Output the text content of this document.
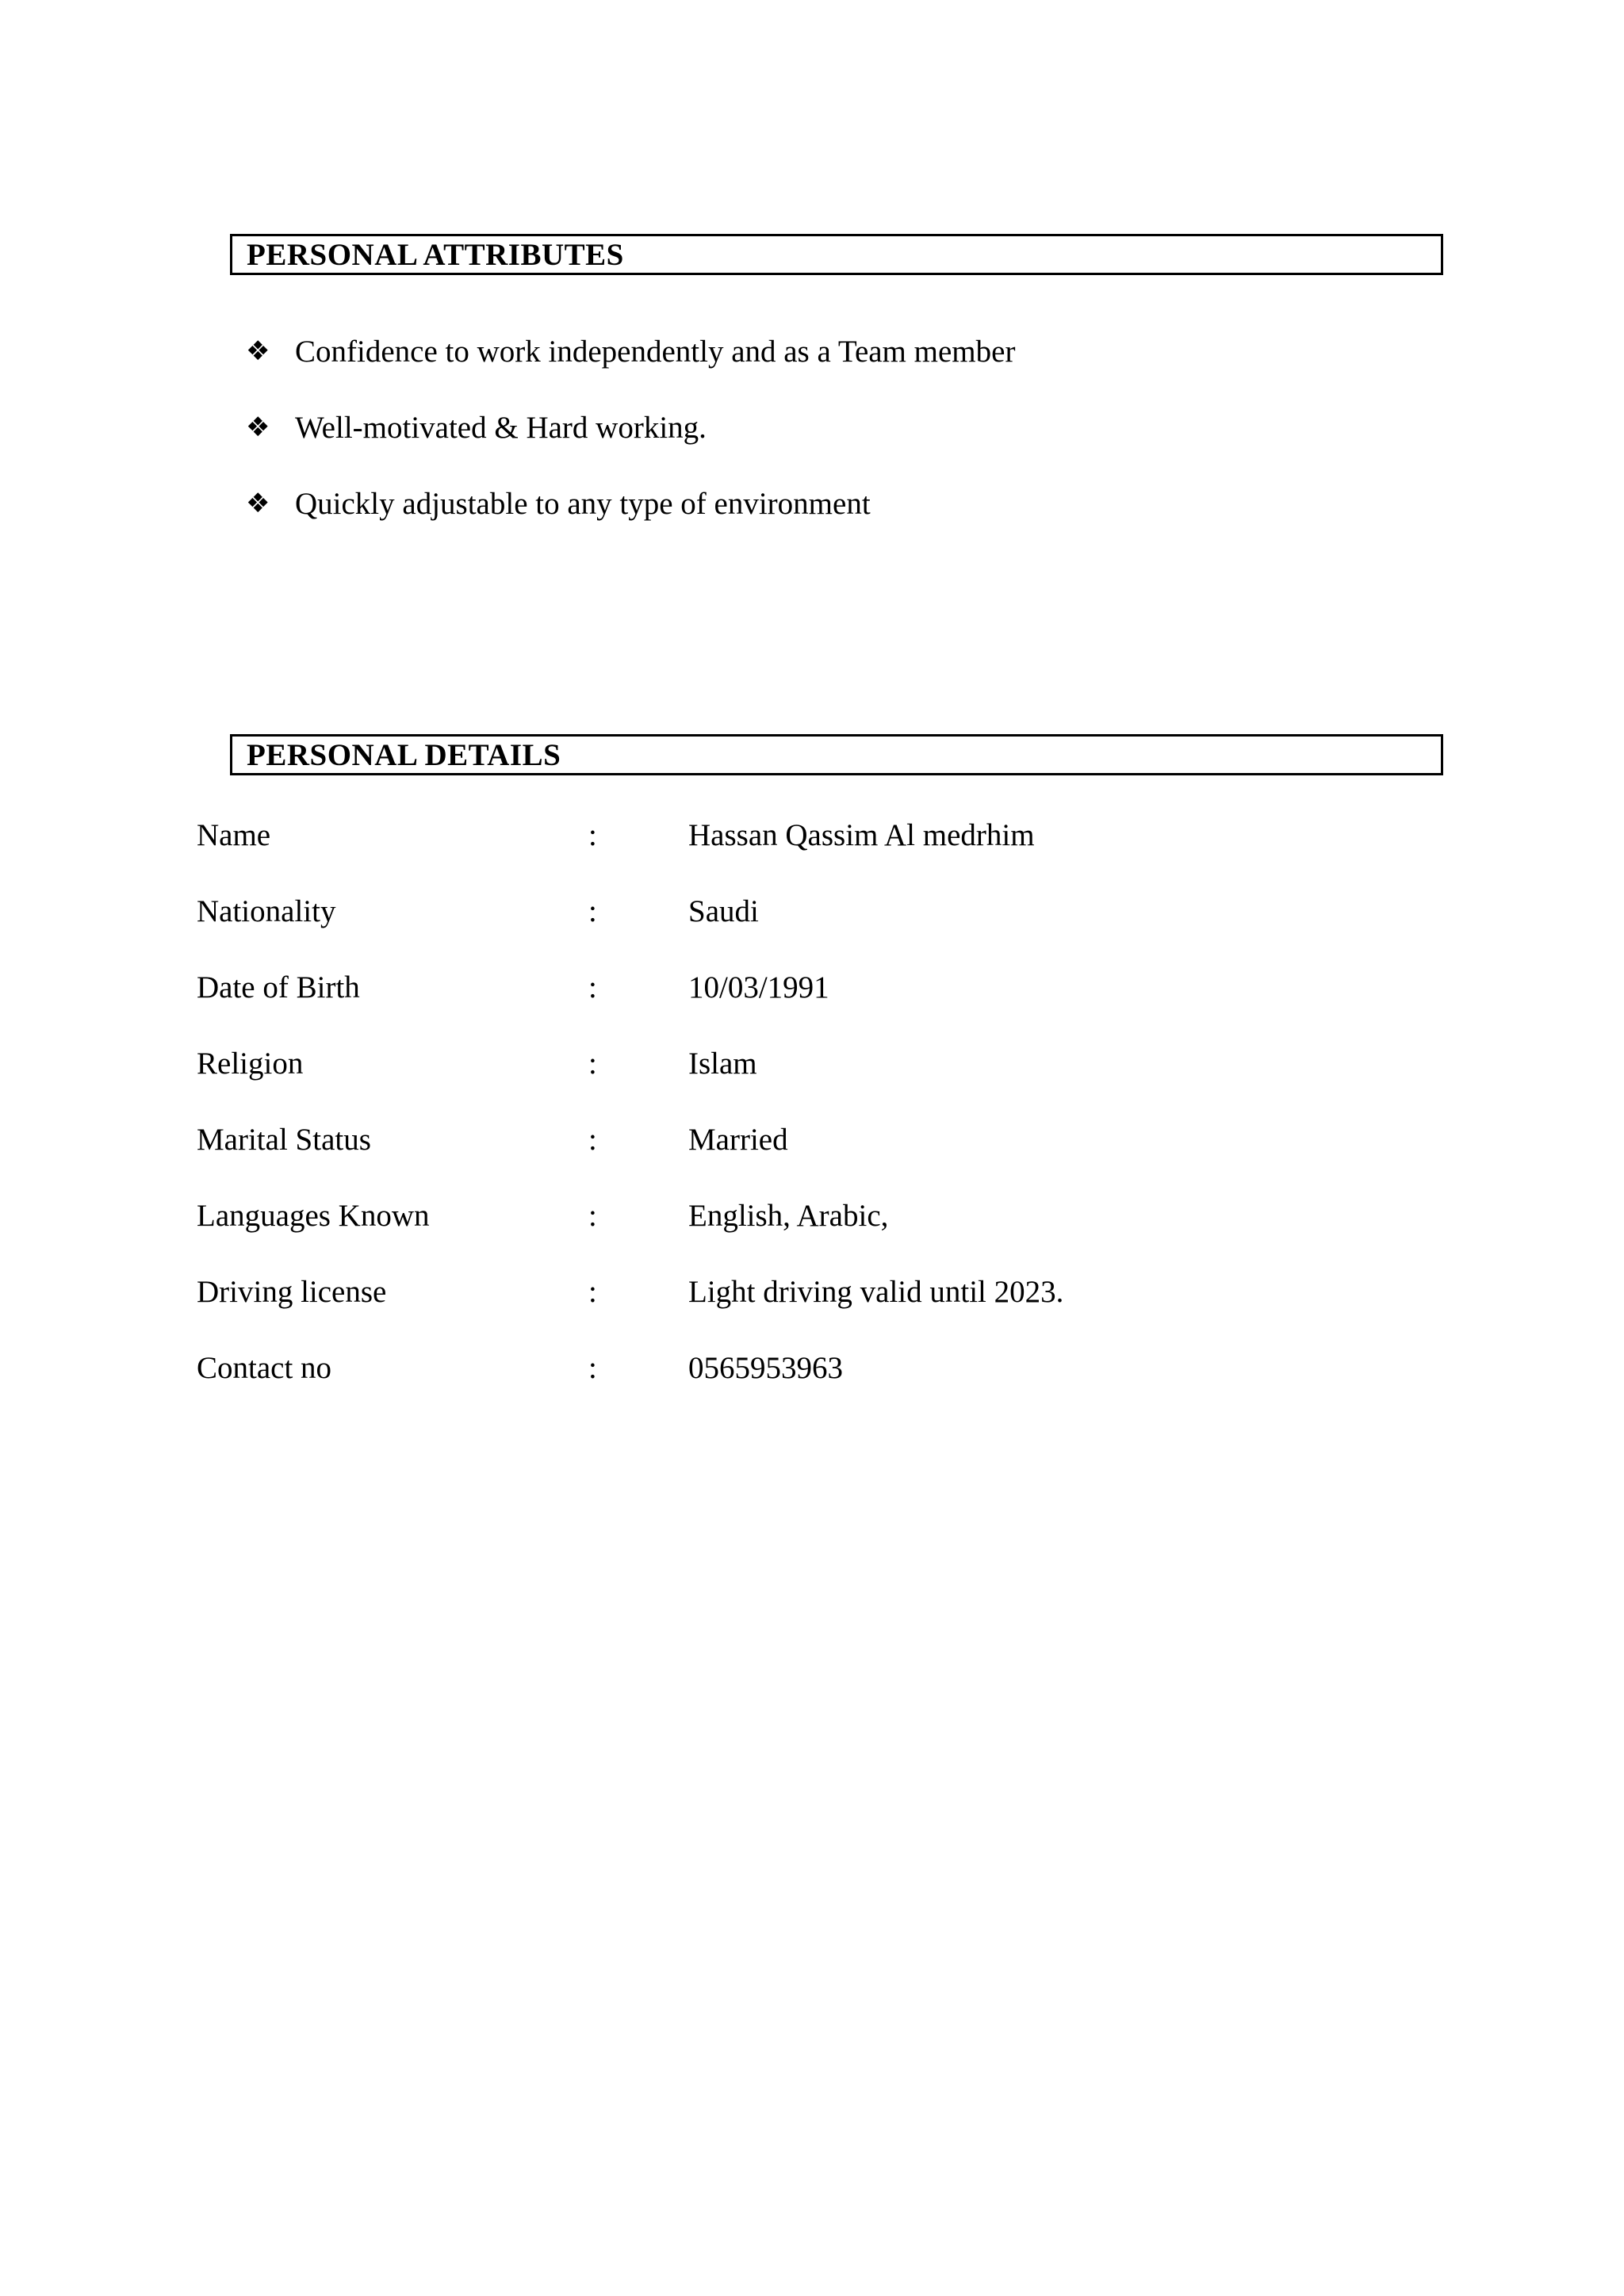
PERSONAL ATTRIBUTES
❖ Confidence to work independently and as a Team member
❖ Well-motivated & Hard working.
❖ Quickly adjustable to any type of environment
PERSONAL DETAILS
Name	:	Hassan Qassim Al medrhim
Nationality	:	Saudi
Date of Birth	:	10/03/1991
Religion	:	Islam
Marital Status	:	Married
Languages Known	:	English, Arabic,
Driving license	:	Light driving valid until 2023.
Contact no	:	0565953963
